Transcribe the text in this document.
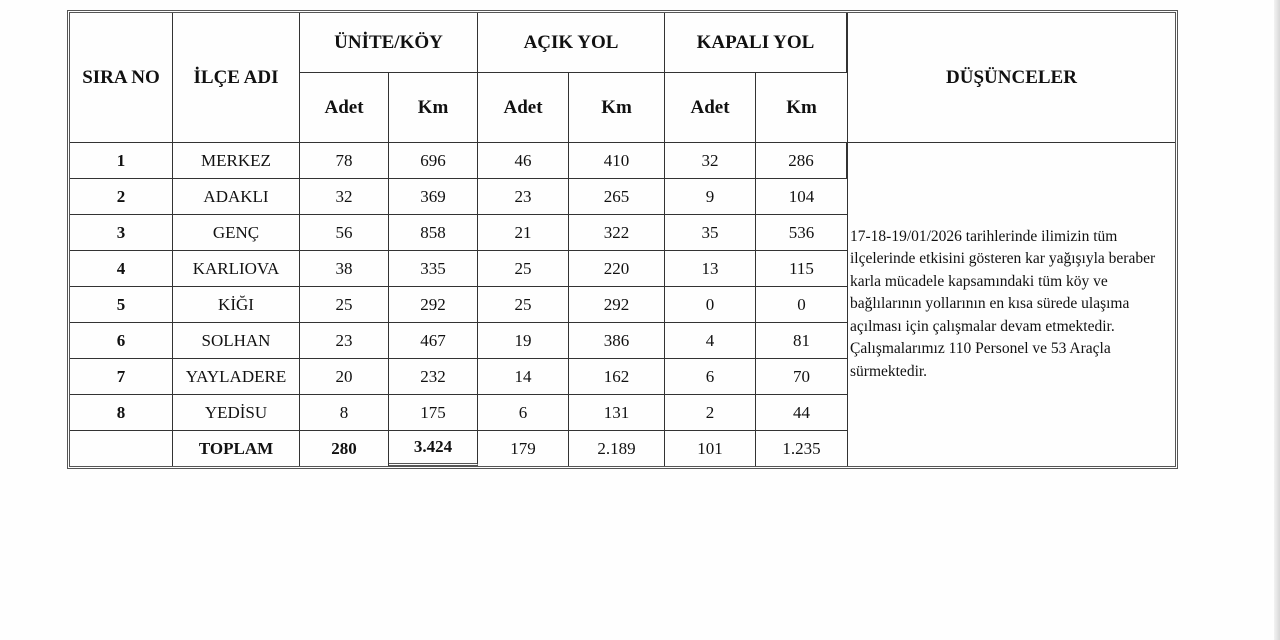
SIRA NO	İLÇE ADI	ÜNİTE/KÖY		AÇIK YOL		KAPALI YOL		DÜŞÜNCELER
		Adet	Km	Adet	Km	Adet	Km	
1	MERKEZ	78	696	46	410	32	286	17-18-19/01/2026 tarihlerinde ilimizin tüm ilçelerinde etkisini gösteren kar yağışıyla beraber karla mücadele kapsamındaki tüm köy ve bağlılarının yollarının en kısa sürede ulaşıma açılması için çalışmalar devam etmektedir. Çalışmalarımız 110 Personel ve 53 Araçla sürmektedir.
2	ADAKLI	32	369	23	265	9	104	
3	GENÇ	56	858	21	322	35	536	
4	KARLIOVA	38	335	25	220	13	115	
5	KİĞI	25	292	25	292	0	0	
6	SOLHAN	23	467	19	386	4	81	
7	YAYLADERE	20	232	14	162	6	70	
8	YEDİSU	8	175	6	131	2	44	
	TOPLAM	280	3.424	179	2.189	101	1.235	
